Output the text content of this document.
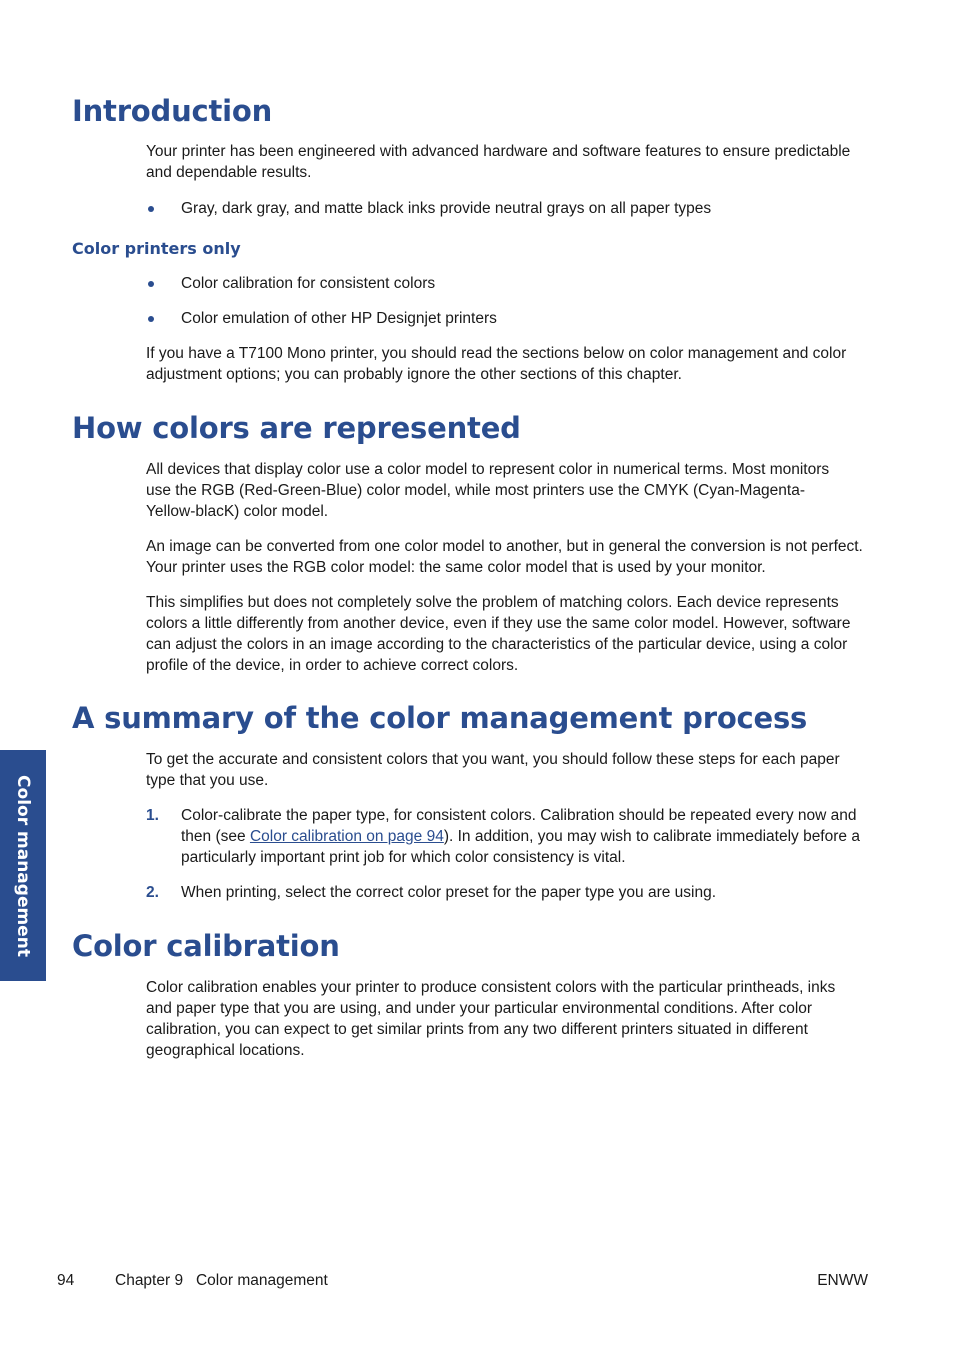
Introduction

Your printer has been engineered with advanced hardware and software features to ensure predictable and dependable results.

Gray, dark gray, and matte black inks provide neutral grays on all paper types
Color printers only
Color calibration for consistent colors
Color emulation of other HP Designjet printers

If you have a T7100 Mono printer, you should read the sections below on color management and color adjustment options; you can probably ignore the other sections of this chapter.

How colors are represented

All devices that display color use a color model to represent color in numerical terms. Most monitors use the RGB (Red-Green-Blue) color model, while most printers use the CMYK (Cyan-Magenta-Yellow-blacK) color model.

An image can be converted from one color model to another, but in general the conversion is not perfect. Your printer uses the RGB color model: the same color model that is used by your monitor.

This simplifies but does not completely solve the problem of matching colors. Each device represents colors a little differently from another device, even if they use the same color model. However, software can adjust the colors in an image according to the characteristics of the particular device, using a color profile of the device, in order to achieve correct colors.

A summary of the color management process

To get the accurate and consistent colors that you want, you should follow these steps for each paper type that you use.

1.	Color-calibrate the paper type, for consistent colors. Calibration should be repeated every now and then (see Color calibration on page 94). In addition, you may wish to calibrate immediately before a particularly important print job for which color consistency is vital.
2.	When printing, select the correct color preset for the paper type you are using.
Color calibration

Color calibration enables your printer to produce consistent colors with the particular printheads, inks and paper type that you are using, and under your particular environmental conditions. After color calibration, you can expect to get similar prints from any two different printers situated in different geographical locations.

Color management
94	Chapter 9   Color management	ENWW
